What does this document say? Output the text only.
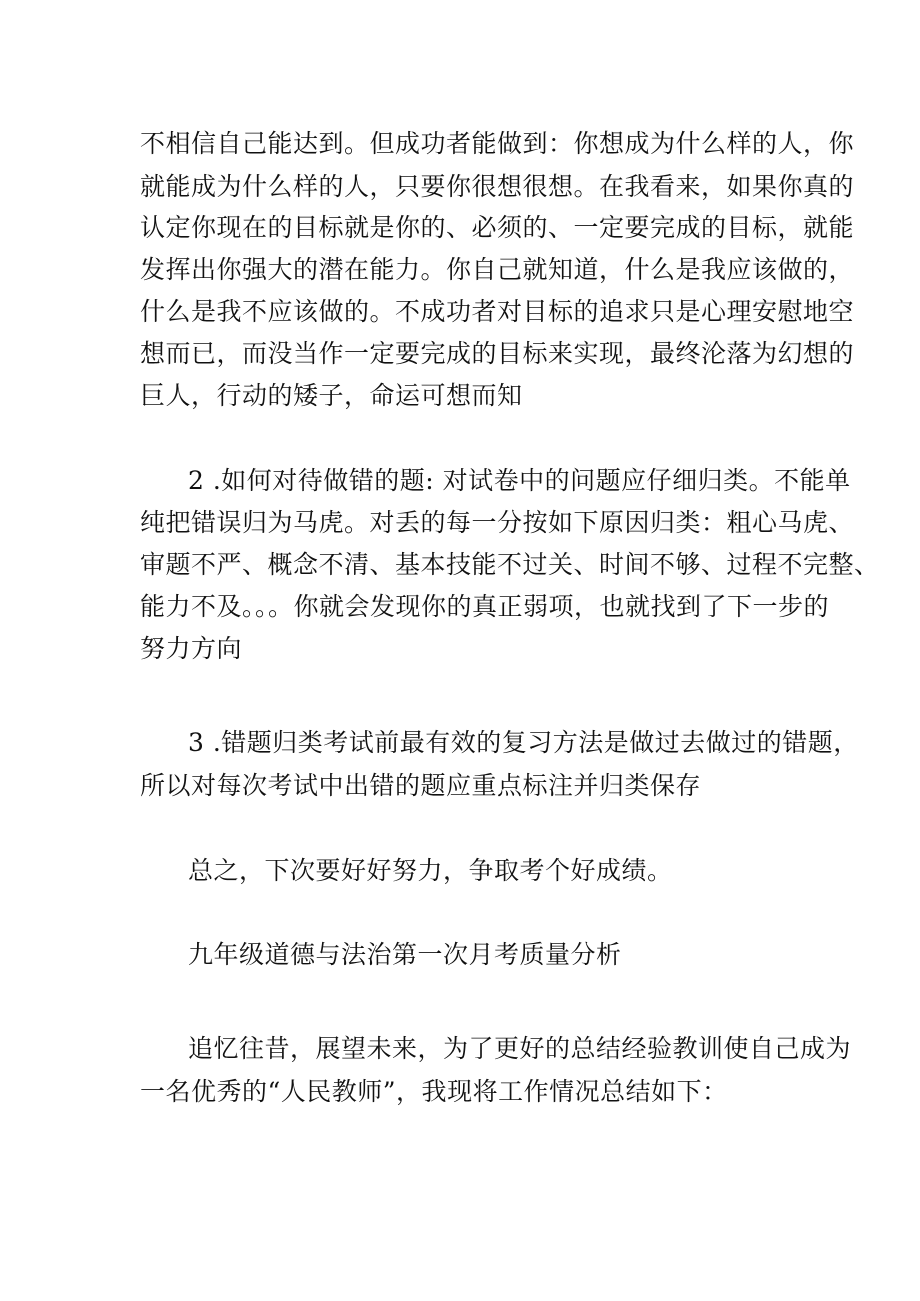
不相信自己能达到。但成功者能做到：你想成为什么样的人，你
就能成为什么样的人，只要你很想很想。在我看来，如果你真的
认定你现在的目标就是你的、必须的、一定要完成的目标，就能
发挥出你强大的潜在能力。你自己就知道，什么是我应该做的，
什么是我不应该做的。不成功者对目标的追求只是心理安慰地空
想而已，而没当作一定要完成的目标来实现，最终沦落为幻想的
巨人，行动的矮子，命运可想而知
2 .如何对待做错的题: 对试卷中的问题应仔细归类。不能单
纯把错误归为马虎。对丢的每一分按如下原因归类：粗心马虎、
审题不严、概念不清、基本技能不过关、时间不够、过程不完整、
能力不及。。。你就会发现你的真正弱项，也就找到了下一步的
努力方向
3 .错题归类考试前最有效的复习方法是做过去做过的错题，
所以对每次考试中出错的题应重点标注并归类保存
总之，下次要好好努力，争取考个好成绩。
九年级道德与法治第一次月考质量分析
追忆往昔，展望未来，为了更好的总结经验教训使自己成为
一名优秀的“人民教师”，我现将工作情况总结如下：
